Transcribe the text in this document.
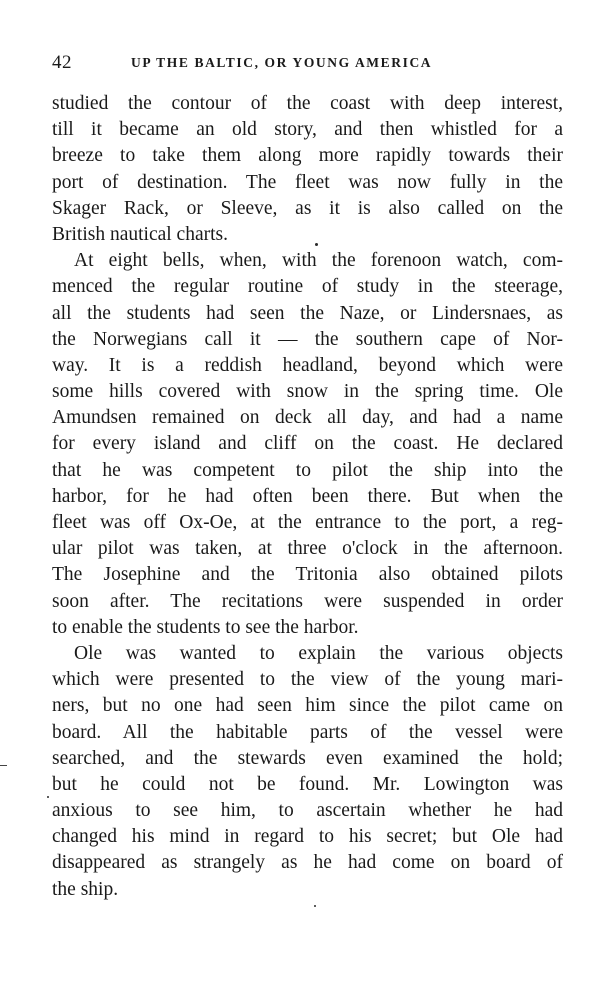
42	UP THE BALTIC, OR YOUNG AMERICA
studied the contour of the coast with deep interest,
till it became an old story, and then whistled for a
breeze to take them along more rapidly towards their
port of destination. The fleet was now fully in the
Skager Rack, or Sleeve, as it is also called on the
British nautical charts.
At eight bells, when, with the forenoon watch, com-
menced the regular routine of study in the steerage,
all the students had seen the Naze, or Lindersnaes, as
the Norwegians call it — the southern cape of Nor-
way. It is a reddish headland, beyond which were
some hills covered with snow in the spring time. Ole
Amundsen remained on deck all day, and had a name
for every island and cliff on the coast. He declared
that he was competent to pilot the ship into the
harbor, for he had often been there. But when the
fleet was off Ox-Oe, at the entrance to the port, a reg-
ular pilot was taken, at three o'clock in the afternoon.
The Josephine and the Tritonia also obtained pilots
soon after. The recitations were suspended in order
to enable the students to see the harbor.
Ole was wanted to explain the various objects
which were presented to the view of the young mari-
ners, but no one had seen him since the pilot came on
board. All the habitable parts of the vessel were
searched, and the stewards even examined the hold;
but he could not be found. Mr. Lowington was
anxious to see him, to ascertain whether he had
changed his mind in regard to his secret; but Ole had
disappeared as strangely as he had come on board of
the ship.
